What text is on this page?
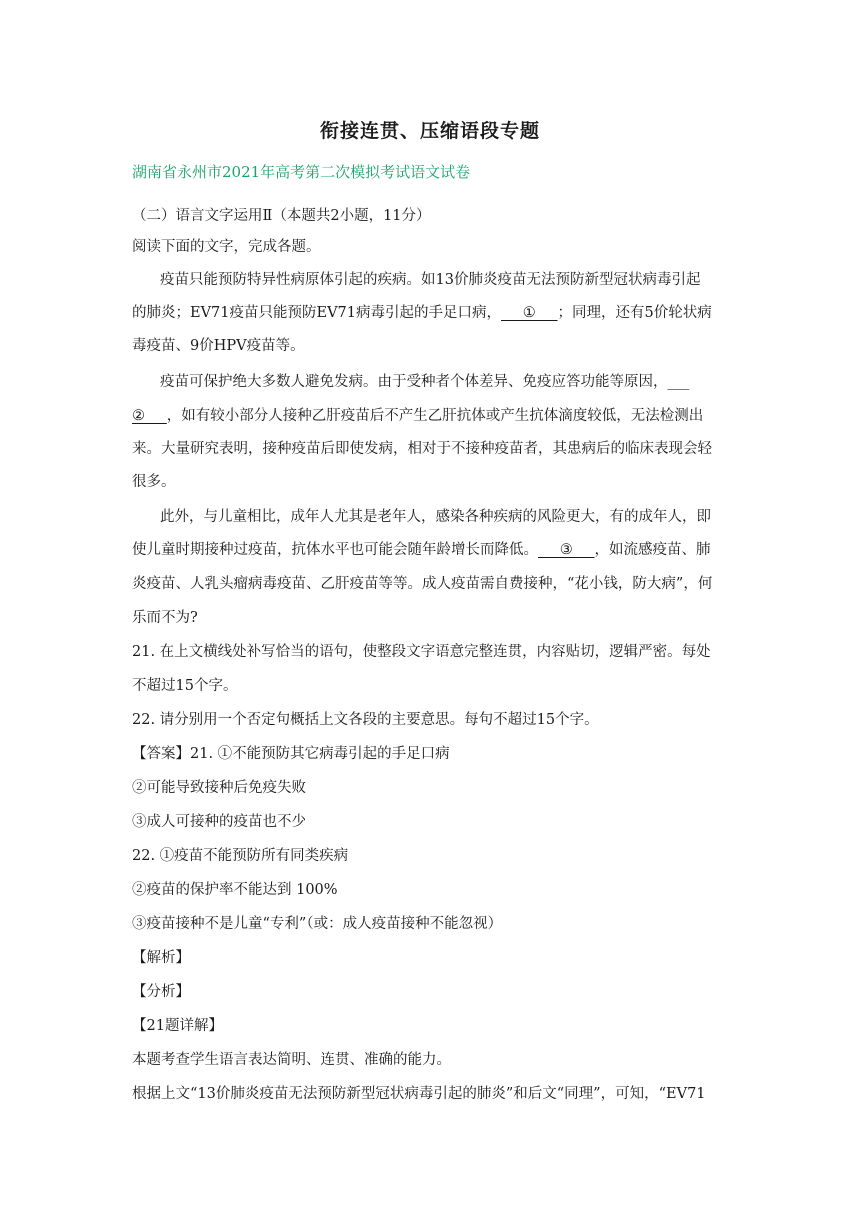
衔接连贯、压缩语段专题
湖南省永州市2021年高考第二次模拟考试语文试卷
（二）语言文字运用Ⅱ（本题共2小题，11分）
阅读下面的文字，完成各题。
疫苗只能预防特异性病原体引起的疾病。如13价肺炎疫苗无法预防新型冠状病毒引起
的肺炎；EV71疫苗只能预防EV71病毒引起的手足口病，___①___；同理，还有5价轮状病
毒疫苗、9价HPV疫苗等。
疫苗可保护绝大多数人避免发病。由于受种者个体差异、免疫应答功能等原因，___
②___，如有较小部分人接种乙肝疫苗后不产生乙肝抗体或产生抗体滴度较低，无法检测出
来。大量研究表明，接种疫苗后即使发病，相对于不接种疫苗者，其患病后的临床表现会轻
很多。
此外，与儿童相比，成年人尤其是老年人，感染各种疾病的风险更大，有的成年人，即
使儿童时期接种过疫苗，抗体水平也可能会随年龄增长而降低。___③___，如流感疫苗、肺
炎疫苗、人乳头瘤病毒疫苗、乙肝疫苗等等。成人疫苗需自费接种，“花小钱，防大病”，何
乐而不为?
21. 在上文横线处补写恰当的语句，使整段文字语意完整连贯，内容贴切，逻辑严密。每处
不超过15个字。
22. 请分别用一个否定句概括上文各段的主要意思。每句不超过15个字。
【答案】21. ①不能预防其它病毒引起的手足口病
②可能导致接种后免疫失败
③成人可接种的疫苗也不少
22. ①疫苗不能预防所有同类疾病
②疫苗的保护率不能达到 100%
③疫苗接种不是儿童“专利”（或：成人疫苗接种不能忽视）
【解析】
【分析】
【21题详解】
本题考查学生语言表达简明、连贯、准确的能力。
根据上文“13价肺炎疫苗无法预防新型冠状病毒引起的肺炎”和后文“同理”，可知，“EV71
